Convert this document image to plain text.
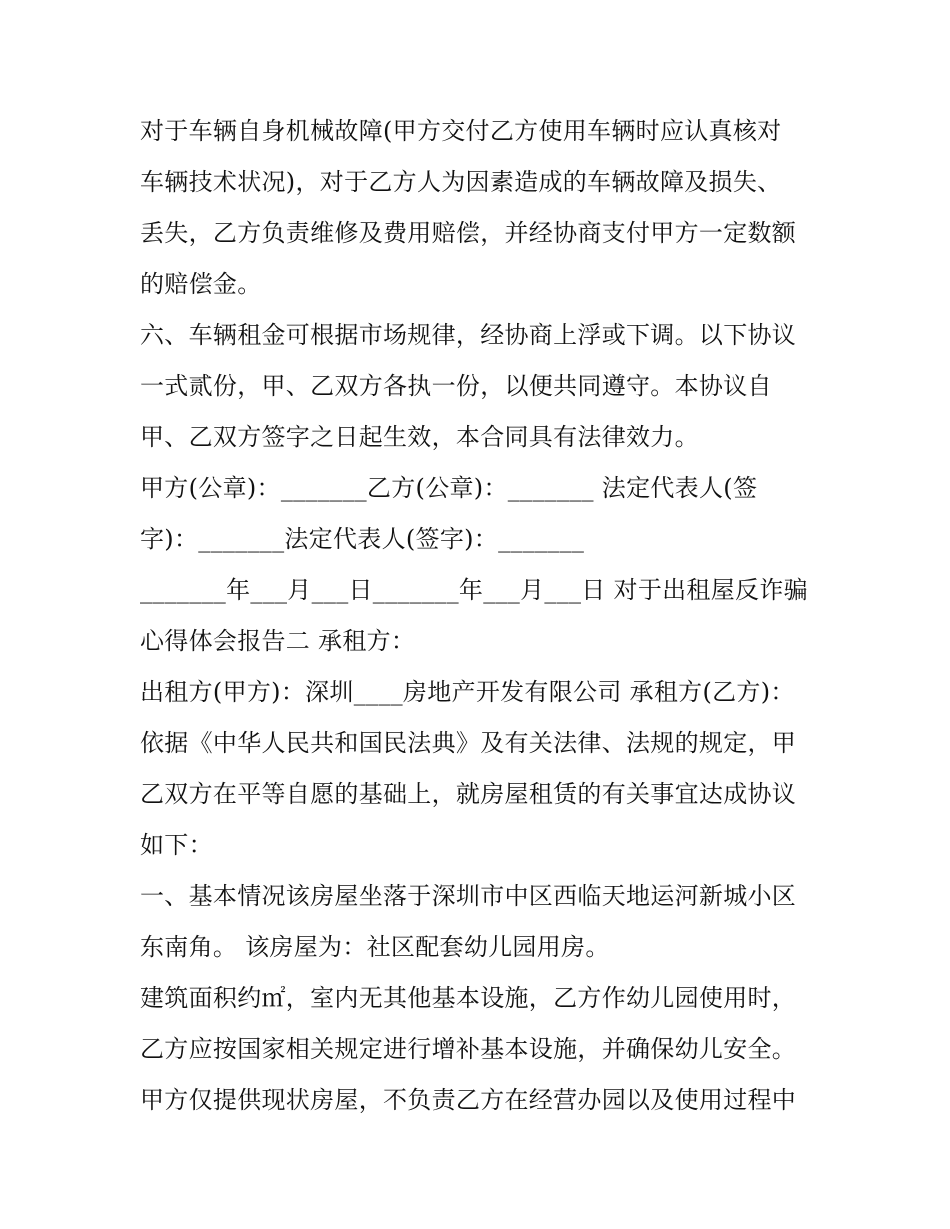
对于车辆自身机械故障(甲方交付乙方使用车辆时应认真核对

车辆技术状况)，对于乙方人为因素造成的车辆故障及损失、

丢失，乙方负责维修及费用赔偿，并经协商支付甲方一定数额

的赔偿金。

六、车辆租金可根据市场规律，经协商上浮或下调。以下协议

一式贰份，甲、乙双方各执一份，以便共同遵守。本协议自

甲、乙双方签字之日起生效，本合同具有法律效力。

甲方(公章)：_______乙方(公章)：_______ 法定代表人(签

字)：_______法定代表人(签字)：_______

_______年___月___日_______年___月___日 对于出租屋反诈骗

心得体会报告二 承租方：

出租方(甲方)：深圳____房地产开发有限公司 承租方(乙方)：

依据《中华人民共和国民法典》及有关法律、法规的规定，甲

乙双方在平等自愿的基础上，就房屋租赁的有关事宜达成协议

如下：

一、基本情况该房屋坐落于深圳市中区西临天地运河新城小区

东南角。 该房屋为：社区配套幼儿园用房。

建筑面积约㎡，室内无其他基本设施，乙方作幼儿园使用时，

乙方应按国家相关规定进行增补基本设施，并确保幼儿安全。

甲方仅提供现状房屋，不负责乙方在经营办园以及使用过程中
